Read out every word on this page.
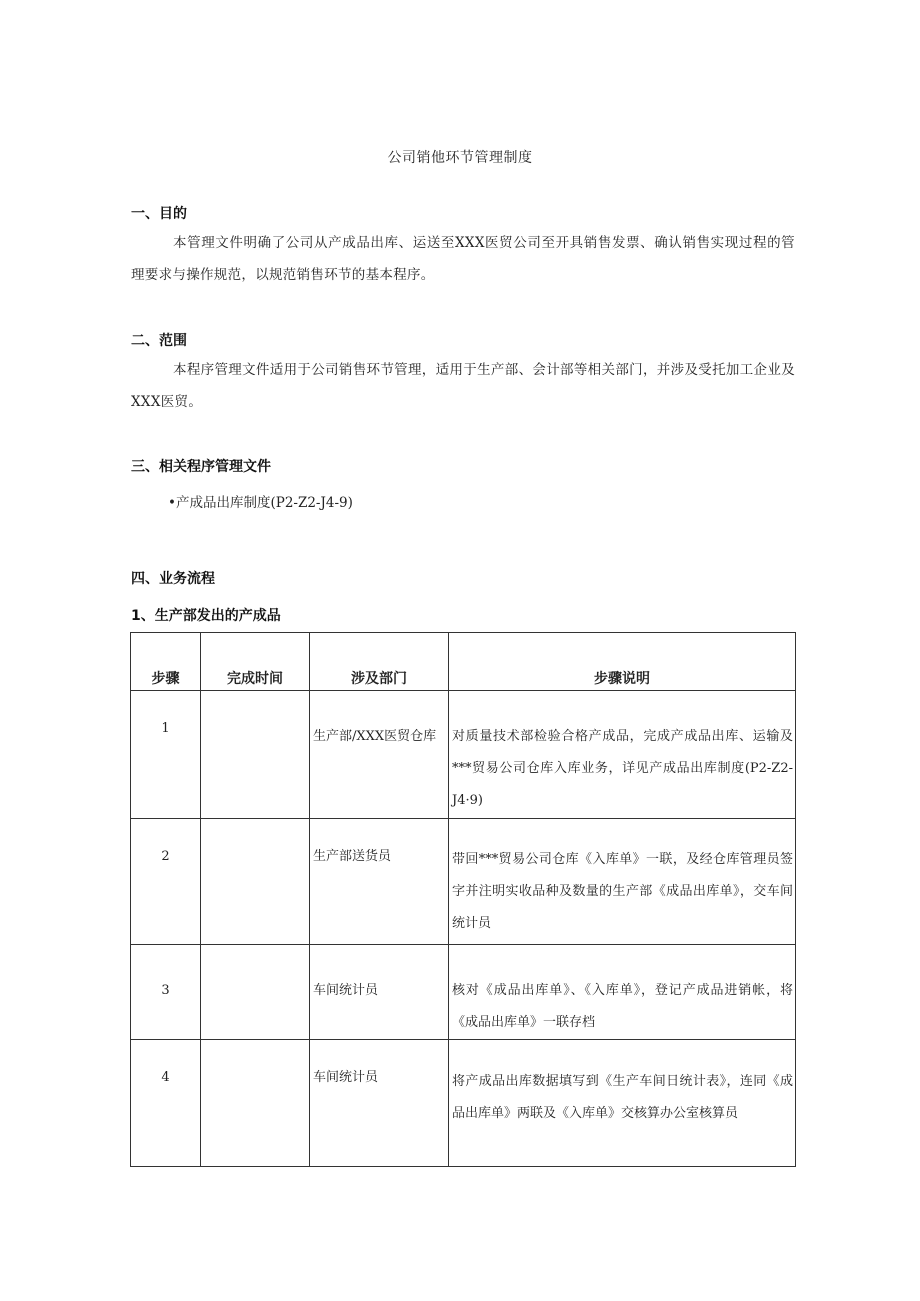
公司销他环节管理制度
一、目的
本管理文件明确了公司从产成品出库、运送至XXX医贸公司至开具销售发票、确认销售实现过程的管理要求与操作规范，以规范销售环节的基本程序。
二、范围
本程序管理文件适用于公司销售环节管理，适用于生产部、会计部等相关部门，并涉及受托加工企业及XXX医贸。
三、相关程序管理文件
•产成品出库制度(P2-Z2-J4-9)
四、业务流程
1、生产部发出的产成品
步骤	完成时间	涉及部门	步骤说明
1		生产部/XXX医贸仓库	对质量技术部检验合格产成品，完成产成品出库、运输及***贸易公司仓库入库业务，详见产成品出库制度(P2-Z2-J4·9)
2		生产部送货员	带回***贸易公司仓库《入库单》一联，及经仓库管理员签字并注明实收品种及数量的生产部《成品出库单》，交车间统计员
3		车间统计员	核对《成品出库单》、《入库单》，登记产成品进销帐，将《成品出库单》一联存档
4		车间统计员	将产成品出库数据填写到《生产车间日统计表》，连同《成品出库单》两联及《入库单》交核算办公室核算员
